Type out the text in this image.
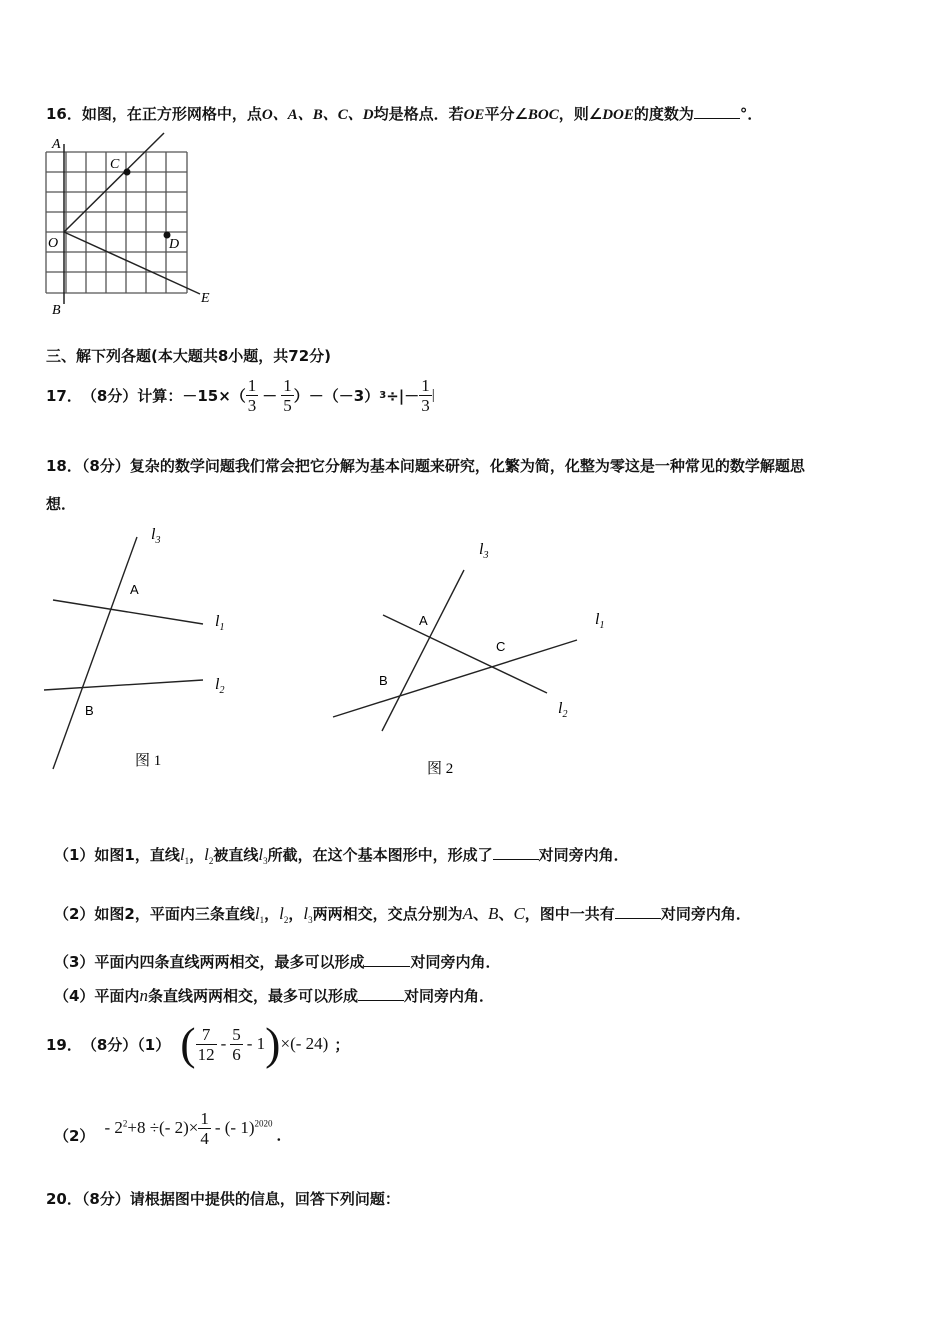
16．如图，在正方形网格中，点O、A、B、C、D均是格点．若OE平分∠BOC，则∠DOE的度数为	°．
A
C
O	D
B
E
三、解下列各题(本大题共8小题，共72分)
17． （8分）计算： $-15\times( \frac{1}{3} - \frac{1}{5} )-(-3)$ 3 ÷|－ $\frac{1}{3}$ |
18．（8分）复杂的数学问题我们常会把它分解为基本问题来研究，化繁为简，化整为零这是一种常见的数学解题思
想．
$l_3$
$l_1$
$l_2$
A
B
图 1
$l_3$
$l_1$
$l_2$
A
C
B
图 2
（1）如图1，直线$l_1$，$l_2$被直线$l_3$所截，在这个基本图形中，形成了	对同旁内角．
（2）如图2，平面内三条直线$l_1$，$l_2$，$l_3$两两相交，交点分别为A、B、C，图中一共有	对同旁内角．
（3）平面内四条直线两两相交，最多可以形成	对同旁内角．
（4）平面内n条直线两两相交，最多可以形成	对同旁内角．
19． （8分）（1） ( $\frac{7}{12} - \frac{5}{6} - 1$ ) ×(- 24) ；
$(2) - 2^2+8$ ÷(- $2)\times \frac{1}{4}$ - (- 1)$^{2020}$
．
20．（8分）请根据图中提供的信息，回答下列问题：
